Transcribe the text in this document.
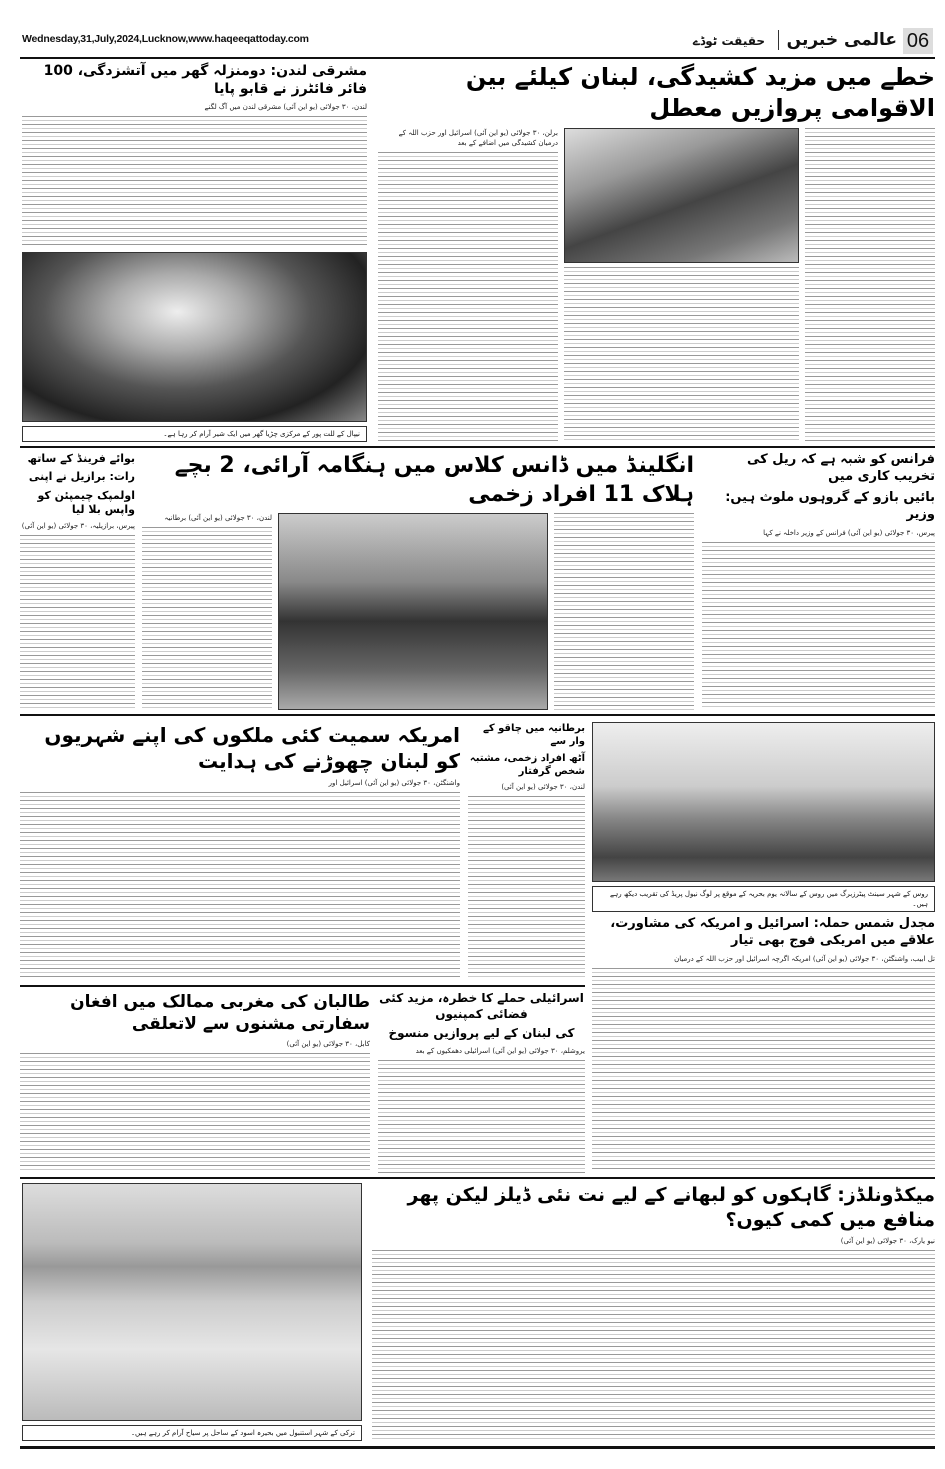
Wednesday,31,July,2024,Lucknow,www.haqeeqattoday.com	06
عالمی خبریں
حقیقت ٹوڈے
خطے میں مزید کشیدگی، لبنان کیلئے بین الاقوامی پروازیں معطل
برلن، ۳۰ جولائی (یو این آئی) اسرائیل اور حزب اللہ کے درمیان کشیدگی میں اضافے کے بعد
مشرقی لندن: دومنزلہ گھر میں آتشزدگی، 100 فائر فائٹرز نے قابو پایا
لندن، ۳۰ جولائی (یو این آئی) مشرقی لندن میں آگ لگنے
نیپال کے للت پور کے مرکزی چڑیا گھر میں ایک شیر آرام کر رہا ہے۔
فرانس کو شبہ ہے کہ ریل کی تخریب کاری میں
بائیں بازو کے گروہوں ملوث ہیں: وزیر
پیرس، ۳۰ جولائی (یو این آئی) فرانس کے وزیر داخلہ نے کہا
انگلینڈ میں ڈانس کلاس میں ہنگامہ آرائی، 2 بچے ہلاک 11 افراد زخمی
لندن، ۳۰ جولائی (یو این آئی) برطانیہ
بوائے فرینڈ کے ساتھ
رات: برازیل نے اپنی
اولمپک چیمپئن کو واپس بلا لیا
پیرس، برازیلیہ، ۳۰ جولائی (یو این آئی)
امریکہ سمیت کئی ملکوں کی اپنے شہریوں کو لبنان چھوڑنے کی ہدایت
واشنگٹن، ۳۰ جولائی (یو این آئی) اسرائیل اور
برطانیہ میں چاقو کے وار سے
آٹھ افراد زخمی، مشتبہ شخص گرفتار
لندن، ۳۰ جولائی (یو این آئی)
روس کے شہر سینٹ پیٹرزبرگ میں روس کے سالانہ یوم بحریہ کے موقع پر لوگ نیول پریڈ کی تقریب دیکھ رہے ہیں۔
مجدل شمس حملہ: اسرائیل و امریکہ کی مشاورت، علاقے میں امریکی فوج بھی تیار
تل ابیب، واشنگٹن، ۳۰ جولائی (یو این آئی) امریکہ اگرچہ اسرائیل اور حزب اللہ کے درمیان
طالبان کی مغربی ممالک میں افغان سفارتی مشنوں سے لاتعلقی
کابل، ۳۰ جولائی (یو این آئی)
اسرائیلی حملے کا خطرہ، مزید کئی فضائی کمپنیوں
کی لبنان کے لیے پروازیں منسوخ
یروشلم، ۳۰ جولائی (یو این آئی) اسرائیلی دھمکیوں کے بعد
میکڈونلڈز: گاہکوں کو لبھانے کے لیے نت نئی ڈیلز لیکن پھر منافع میں کمی کیوں؟
نیو یارک، ۳۰ جولائی (یو این آئی)
ترکی کے شہر استنبول میں بحیرہ اسود کے ساحل پر سیاح آرام کر رہے ہیں۔
